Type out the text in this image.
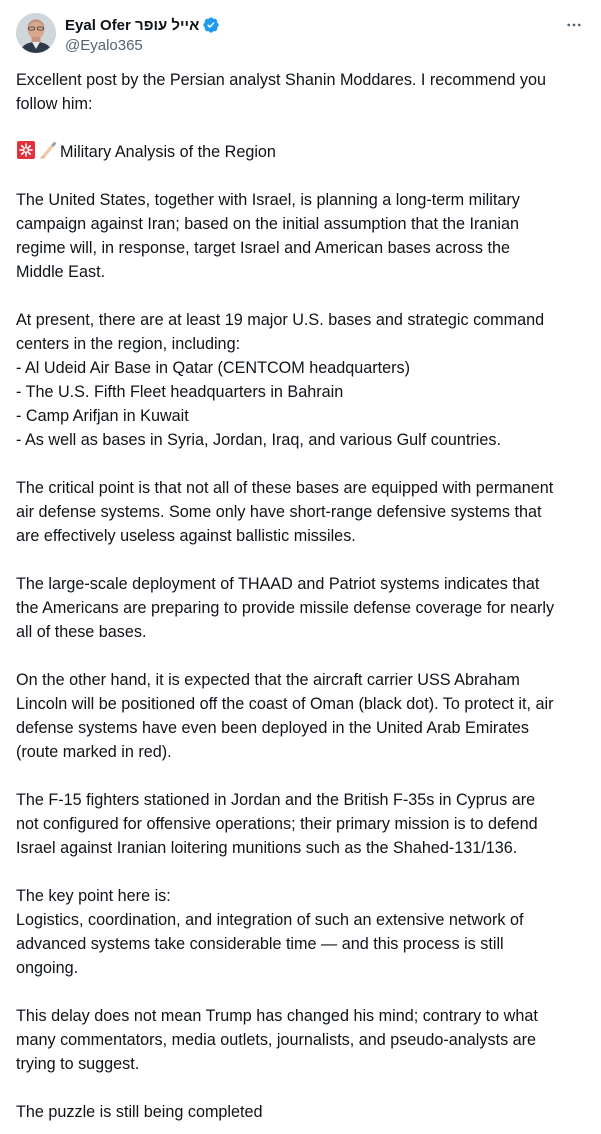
Eyal Ofer אייל עופר
@Eyalo365

Excellent post by the Persian analyst Shanin Moddares. I recommend you
follow him:

Military Analysis of the Region

The United States, together with Israel, is planning a long-term military
campaign against Iran; based on the initial assumption that the Iranian
regime will, in response, target Israel and American bases across the
Middle East.

At present, there are at least 19 major U.S. bases and strategic command
centers in the region, including:
- Al Udeid Air Base in Qatar (CENTCOM headquarters)
- The U.S. Fifth Fleet headquarters in Bahrain
- Camp Arifjan in Kuwait
- As well as bases in Syria, Jordan, Iraq, and various Gulf countries.

The critical point is that not all of these bases are equipped with permanent
air defense systems. Some only have short-range defensive systems that
are effectively useless against ballistic missiles.

The large-scale deployment of THAAD and Patriot systems indicates that
the Americans are preparing to provide missile defense coverage for nearly
all of these bases.

On the other hand, it is expected that the aircraft carrier USS Abraham
Lincoln will be positioned off the coast of Oman (black dot). To protect it, air
defense systems have even been deployed in the United Arab Emirates
(route marked in red).

The F-15 fighters stationed in Jordan and the British F-35s in Cyprus are
not configured for offensive operations; their primary mission is to defend
Israel against Iranian loitering munitions such as the Shahed-131/136.

The key point here is:
Logistics, coordination, and integration of such an extensive network of
advanced systems take considerable time — and this process is still
ongoing.

This delay does not mean Trump has changed his mind; contrary to what
many commentators, media outlets, journalists, and pseudo-analysts are
trying to suggest.

The puzzle is still being completed
